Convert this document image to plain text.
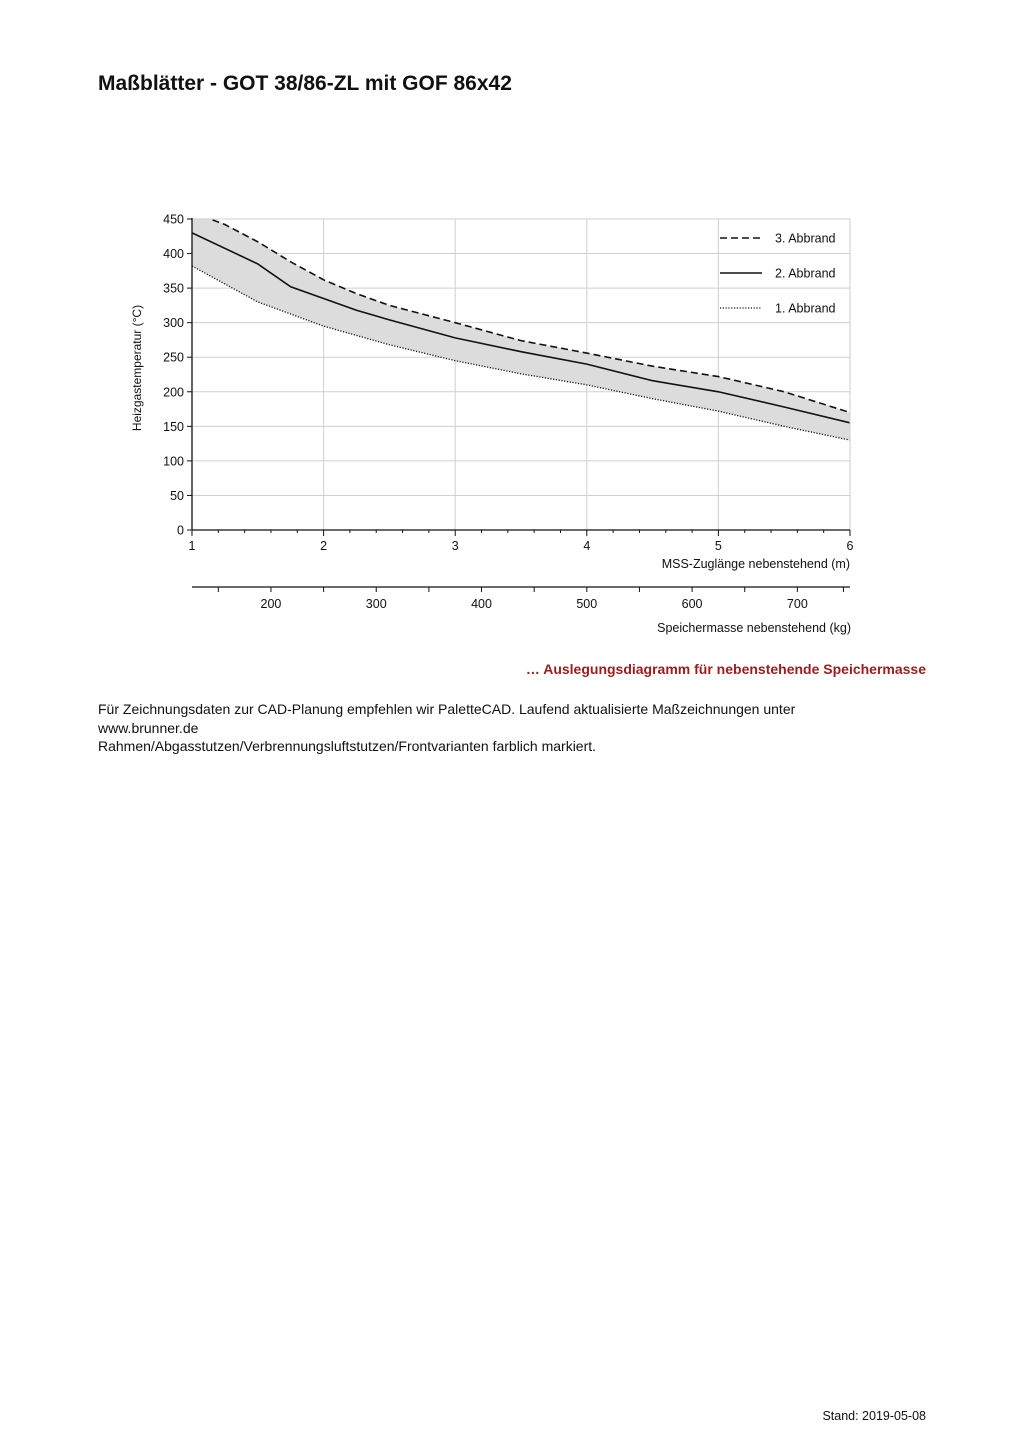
Maßblätter - GOT 38/86-ZL mit GOF 86x42
Heizgastemperatur (°C)
MSS-Zuglänge nebenstehend (m)
Speichermasse nebenstehend (kg)
0
50
100
150
200
250
300
350
400
450
1	2	3	4	5	6
200	300	400	500	600	700
3. Abbrand
2. Abbrand
1. Abbrand
… Auslegungsdiagramm für nebenstehende Speichermasse
Für Zeichnungsdaten zur CAD-Planung empfehlen wir PaletteCAD. Laufend aktualisierte Maßzeichnungen unter
www.brunner.de
Rahmen/Abgasstutzen/Verbrennungsluftstutzen/Frontvarianten farblich markiert.
Stand: 2019-05-08
